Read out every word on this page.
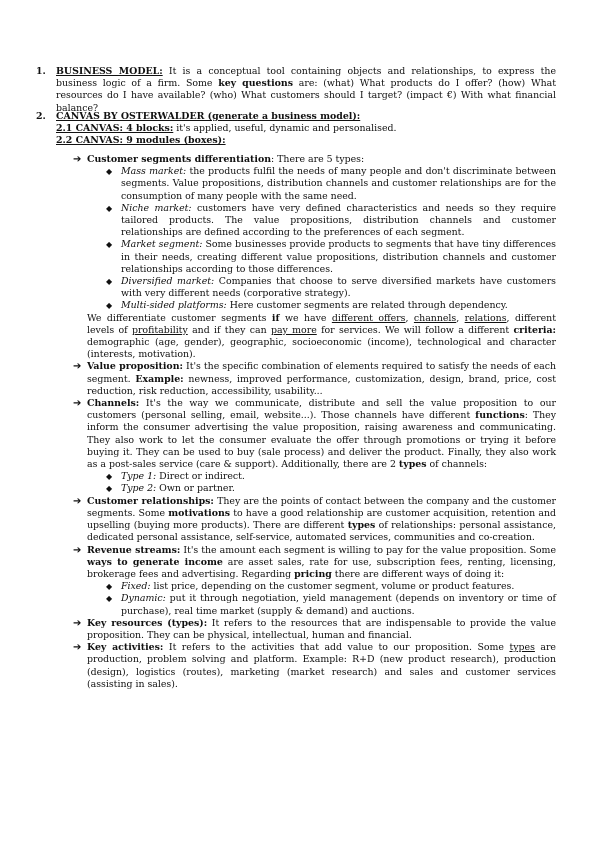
1. BUSINESS MODEL: It is a conceptual tool containing objects and relationships, to express the business logic of a firm. Some key questions are: (what) What products do I offer? (how) What resources do I have available? (who) What customers should I target? (impact €) With what financial balance?
2. CANVAS BY OSTERWALDER (generate a business model):
2.1 CANVAS: 4 blocks: it's applied, useful, dynamic and personalised.
2.2 CANVAS: 9 modules (boxes):
➔ Customer segments differentiation: There are 5 types:
◆ Mass market: the products fulfil the needs of many people and don't discriminate between segments. Value propositions, distribution channels and customer relationships are for the consumption of many people with the same need.
◆ Niche market: customers have very defined characteristics and needs so they require tailored products. The value propositions, distribution channels and customer relationships are defined according to the preferences of each segment.
◆ Market segment: Some businesses provide products to segments that have tiny differences in their needs, creating different value propositions, distribution channels and customer relationships according to those differences.
◆ Diversified market: Companies that choose to serve diversified markets have customers with very different needs (corporative strategy).
◆ Multi-sided platforms: Here customer segments are related through dependency.
We differentiate customer segments if we have different offers, channels, relations, different levels of profitability and if they can pay more for services. We will follow a different criteria: demographic (age, gender), geographic, socioeconomic (income), technological and character (interests, motivation).
➔ Value proposition: It's the specific combination of elements required to satisfy the needs of each segment. Example: newness, improved performance, customization, design, brand, price, cost reduction, risk reduction, accessibility, usability...
➔ Channels: It's the way we communicate, distribute and sell the value proposition to our customers (personal selling, email, website...). Those channels have different functions: They inform the consumer advertising the value proposition, raising awareness and communicating. They also work to let the consumer evaluate the offer through promotions or trying it before buying it. They can be used to buy (sale process) and deliver the product. Finally, they also work as a post-sales service (care & support). Additionally, there are 2 types of channels:
◆ Type 1: Direct or indirect.
◆ Type 2: Own or partner.
➔ Customer relationships: They are the points of contact between the company and the customer segments. Some motivations to have a good relationship are customer acquisition, retention and upselling (buying more products). There are different types of relationships: personal assistance, dedicated personal assistance, self-service, automated services, communities and co-creation.
➔ Revenue streams: It's the amount each segment is willing to pay for the value proposition. Some ways to generate income are asset sales, rate for use, subscription fees, renting, licensing, brokerage fees and advertising. Regarding pricing there are different ways of doing it:
◆ Fixed: list price, depending on the customer segment, volume or product features.
◆ Dynamic: put it through negotiation, yield management (depends on inventory or time of purchase), real time market (supply & demand) and auctions.
➔ Key resources (types): It refers to the resources that are indispensable to provide the value proposition. They can be physical, intellectual, human and financial.
➔ Key activities: It refers to the activities that add value to our proposition. Some types are production, problem solving and platform. Example: R+D (new product research), production (design), logistics (routes), marketing (market research) and sales and customer services (assisting in sales).
